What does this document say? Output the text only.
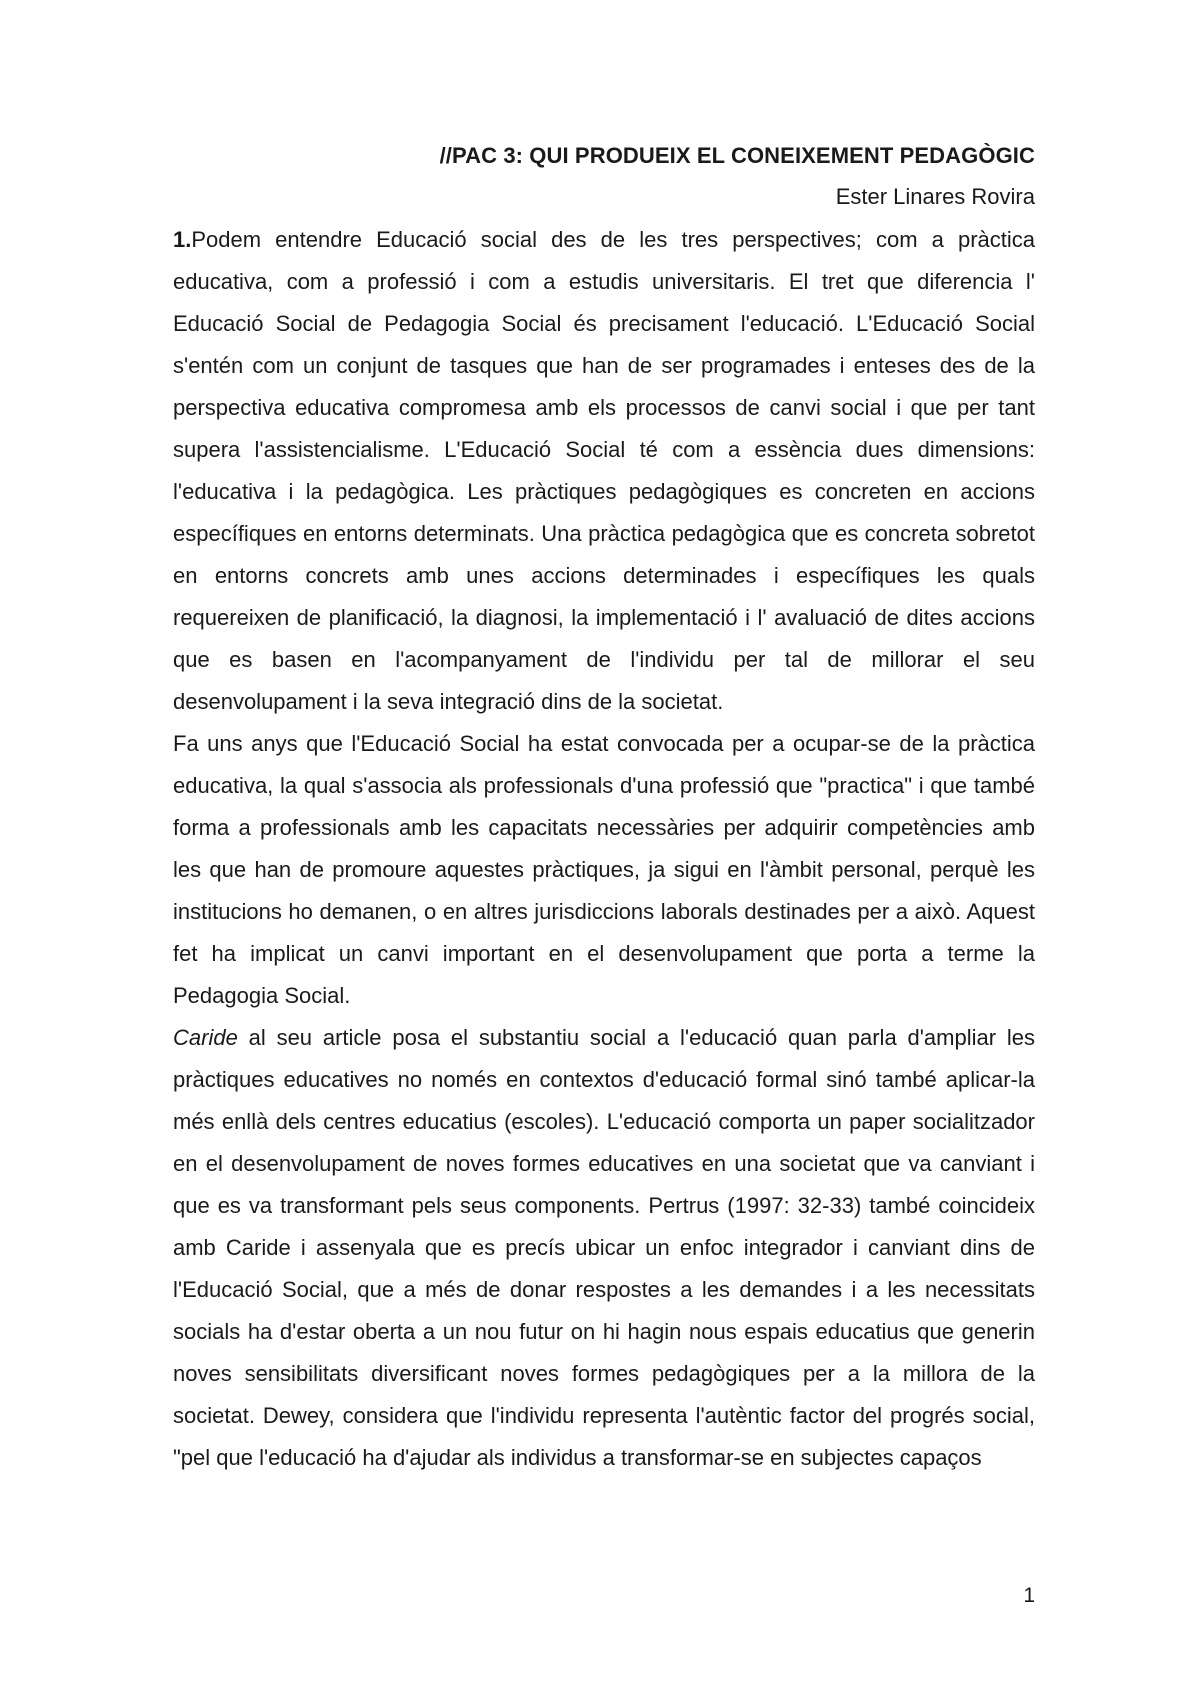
//PAC 3: QUI PRODUEIX EL CONEIXEMENT PEDAGÒGIC
Ester Linares Rovira

1.Podem entendre Educació social des de les tres perspectives; com a pràctica educativa, com a professió i com a estudis universitaris. El tret que diferencia l' Educació Social de Pedagogia Social és precisament l'educació. L'Educació Social s'entén com un conjunt de tasques que han de ser programades i enteses des de la perspectiva educativa compromesa amb els processos de canvi social i que per tant supera l'assistencialisme. L'Educació Social té com a essència dues dimensions: l'educativa i la pedagògica. Les pràctiques pedagògiques es concreten en accions específiques en entorns determinats. Una pràctica pedagògica que es concreta sobretot en entorns concrets amb unes accions determinades i específiques les quals requereixen de planificació, la diagnosi, la implementació i l' avaluació de dites accions que es basen en l'acompanyament de l'individu per tal de millorar el seu desenvolupament i la seva integració dins de la societat.

Fa uns anys que l'Educació Social ha estat convocada per a ocupar-se de la pràctica educativa, la qual s'associa als professionals d'una professió que "practica" i que també forma a professionals amb les capacitats necessàries per adquirir competències amb les que han de promoure aquestes pràctiques, ja sigui en l'àmbit personal, perquè les institucions ho demanen, o en altres jurisdiccions laborals destinades per a això. Aquest fet ha implicat un canvi important en el desenvolupament que porta a terme la Pedagogia Social.

Caride al seu article posa el substantiu social a l'educació quan parla d'ampliar les pràctiques educatives no només en contextos d'educació formal sinó també aplicar-la més enllà dels centres educatius (escoles). L'educació comporta un paper socialitzador en el desenvolupament de noves formes educatives en una societat que va canviant i que es va transformant pels seus components. Pertrus (1997: 32-33) també coincideix amb Caride i assenyala que es precís ubicar un enfoc integrador i canviant dins de l'Educació Social, que a més de donar respostes a les demandes i a les necessitats socials ha d'estar oberta a un nou futur on hi hagin nous espais educatius que generin noves sensibilitats diversificant noves formes pedagògiques per a la millora de la societat. Dewey, considera que l'individu representa l'autèntic factor del progrés social, "pel que l'educació ha d'ajudar als individus a transformar-se en subjectes capaços

1
